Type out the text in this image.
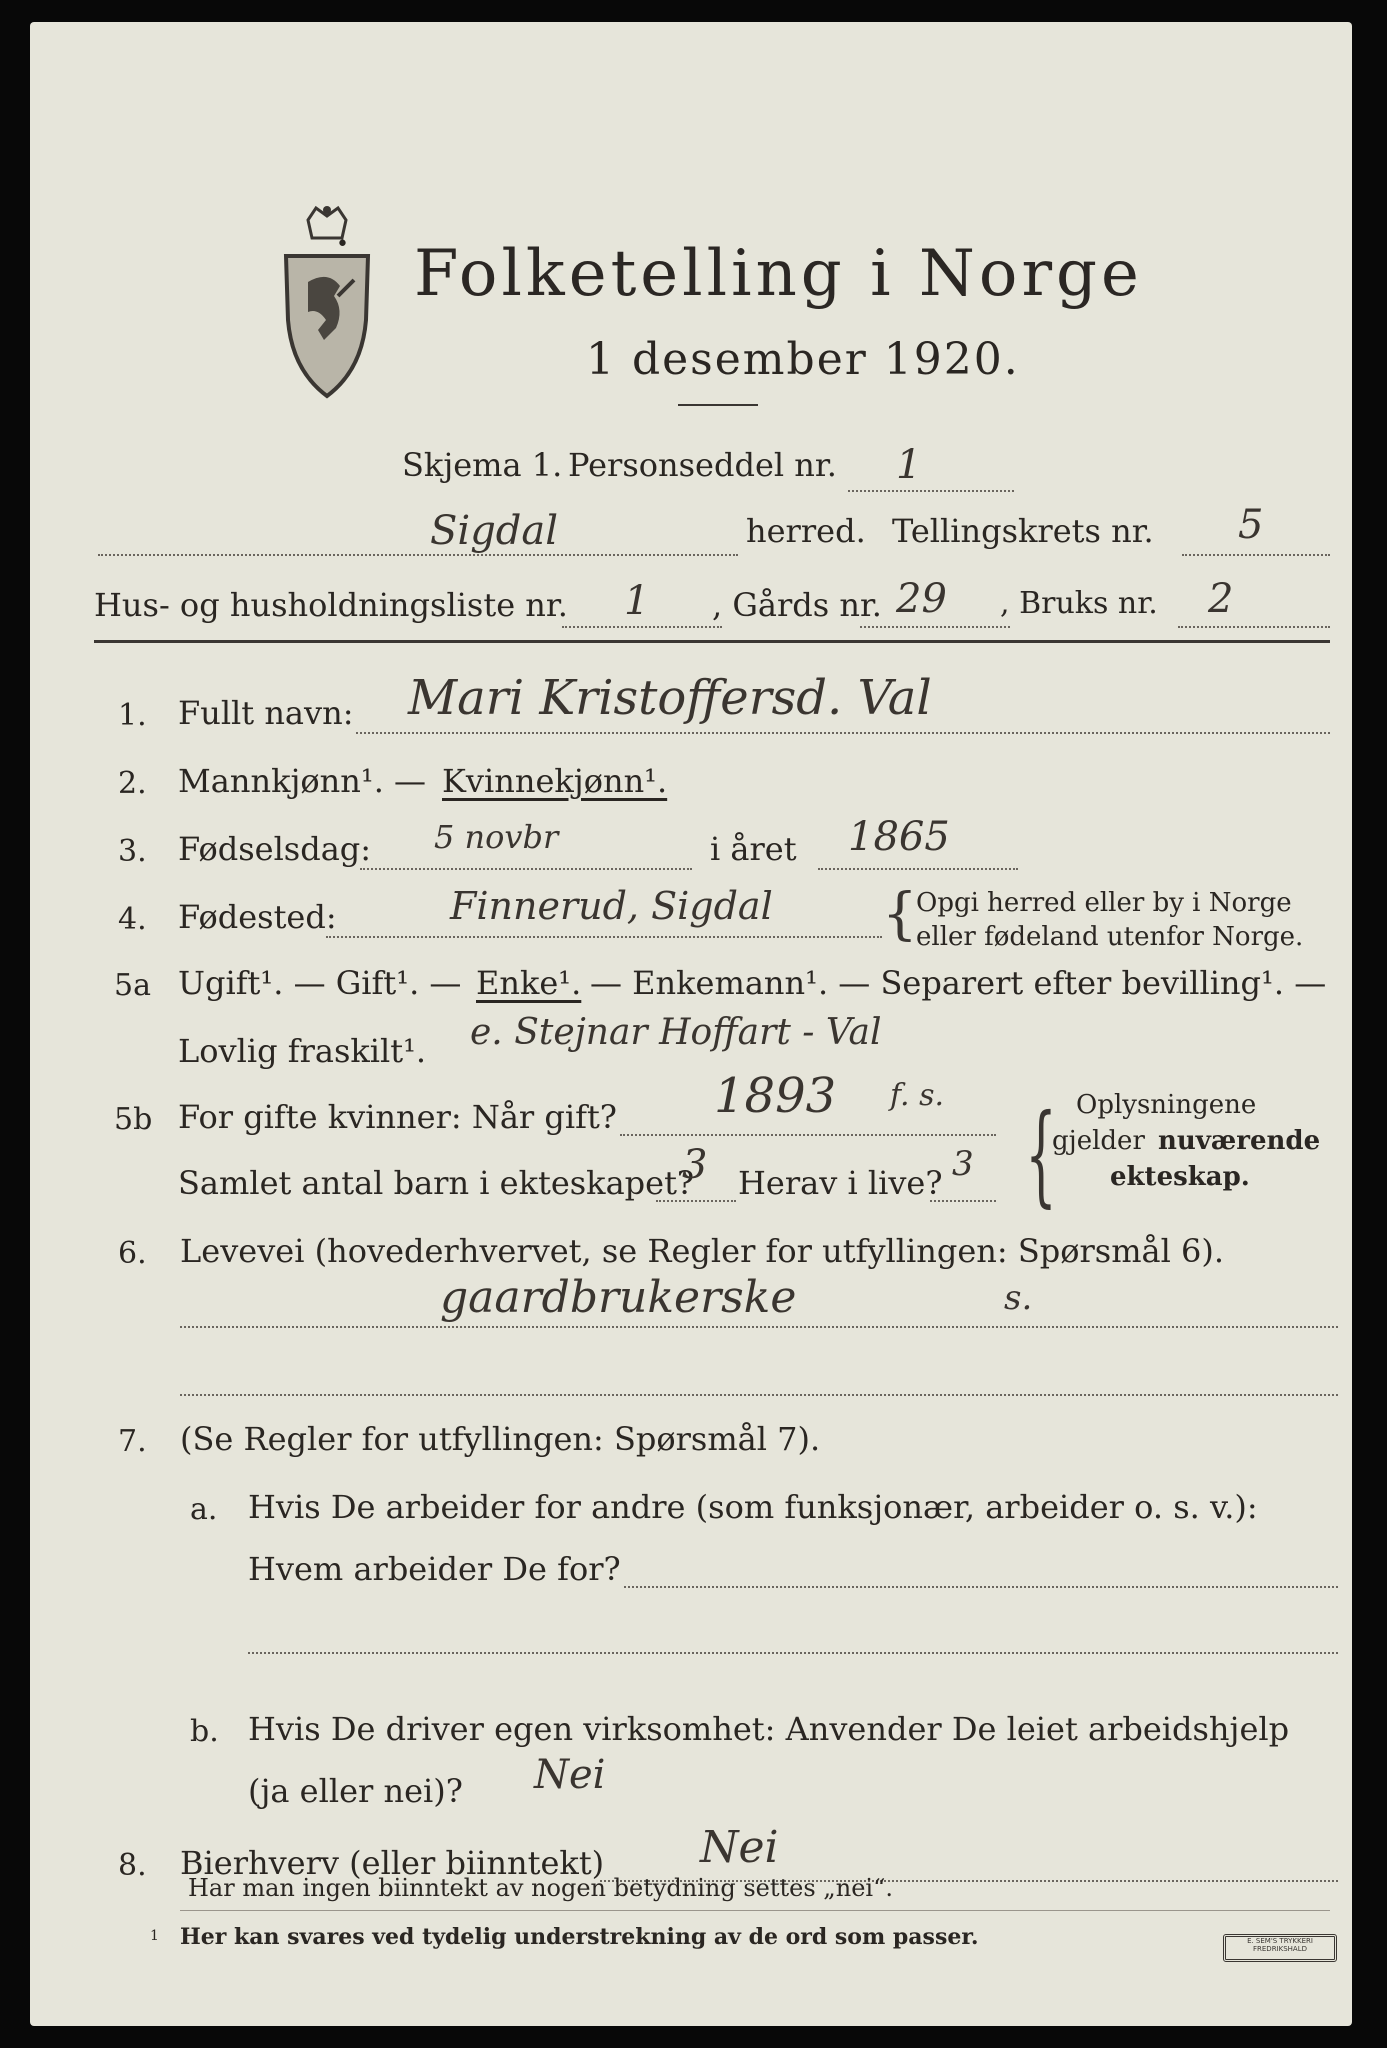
• Folketelling i Norge
1 desember 1920.
Skjema 1. Personseddel nr. 1
Sigdal	herred. Tellingskrets nr. 5
Hus- og husholdningsliste nr. 1 , Gårds nr. 29 , Bruks nr. 2
1. Fullt navn: Mari Kristoffersd. Val
2. Mannkjønn¹. — Kvinnekjønn¹.
3. Fødselsdag: 5 novbr	i året 1865
4. Fødested:	Finnerud, Sigdal {
Opgi herred eller by i Norge
eller fødeland utenfor Norge.
5a Ugift¹. — Gift¹. — Enke¹. — Enkemann¹. — Separert efter bevilling¹. —
Lovlig fraskilt¹. e. Stejnar Hoffart - Val
5b For gifte kvinner: Når gift? 1893 f. s.
Samlet antal barn i ekteskapet?
3 Herav i live? 3 { Oplysningene
gjelder nuværende
ekteskap.
6. Levevei (hovederhvervet, se Regler for utfyllingen: Spørsmål 6).
gaardbrukerske	s.
7. (Se Regler for utfyllingen: Spørsmål 7).
a. Hvis De arbeider for andre (som funksjonær, arbeider o. s. v.):
Hvem arbeider De for?
b. Hvis De driver egen virksomhet: Anvender De leiet arbeidshjelp
(ja eller nei)? Nei
8. Bierhverv (eller biinntekt) Nei
Har man ingen biinntekt av nogen betydning settes „nei“.
1 Her kan svares ved tydelig understrekning av de ord som passer.	E. SEM'S TRYKKERI FREDRIKSHALD
